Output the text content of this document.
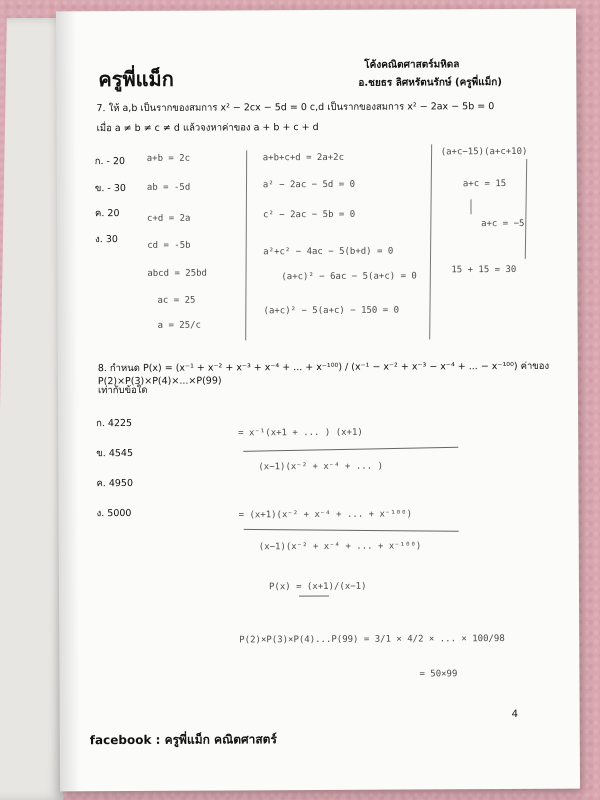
ครูพี่แม็ก
โค้งคณิตศาสตร์มหิดล
อ.ชยธร ลิศหรัตนรักษ์ (ครูพี่แม็ก)
7. ให้ a,b เป็นรากของสมการ x² − 2cx − 5d = 0 c,d เป็นรากของสมการ x² − 2ax − 5b = 0
เมื่อ a ≠ b ≠ c ≠ d แล้วจงหาค่าของ a + b + c + d
ก. - 20
ข. - 30
ค. 20
ง. 30
a+b = 2c
ab = -5d
c+d = 2a
cd = -5b
abcd = 25bd
ac = 25
a = 25/c
a+b+c+d = 2a+2c
a² − 2ac − 5d = 0
c² − 2ac − 5b = 0
a²+c² − 4ac − 5(b+d) = 0
(a+c)² − 6ac − 5(a+c) = 0
(a+c)² − 5(a+c) − 150 = 0
(a+c−15)(a+c+10)
a+c = 15
a+c = −5
15 + 15 = 30
8. กำหนด P(x) = (x⁻¹ + x⁻² + x⁻³ + x⁻⁴ + ... + x⁻¹⁰⁰) / (x⁻¹ − x⁻² + x⁻³ − x⁻⁴ + ... − x⁻¹⁰⁰) ค่าของ P(2)×P(3)×P(4)×...×P(99)
เท่ากับข้อใด
ก. 4225
ข. 4545
ค. 4950
ง. 5000
= x⁻¹(x+1 + ... ) (x+1)
(x−1)(x⁻² + x⁻⁴ + ... )
= (x+1)(x⁻² + x⁻⁴ + ... + x⁻¹⁰⁰)
(x−1)(x⁻² + x⁻⁴ + ... + x⁻¹⁰⁰)
P(x) = (x+1)/(x−1)
P(2)×P(3)×P(4)...P(99) = 3/1 × 4/2 × ... × 100/98
= 50×99
4
facebook : ครูพี่แม็ก คณิตศาสตร์
